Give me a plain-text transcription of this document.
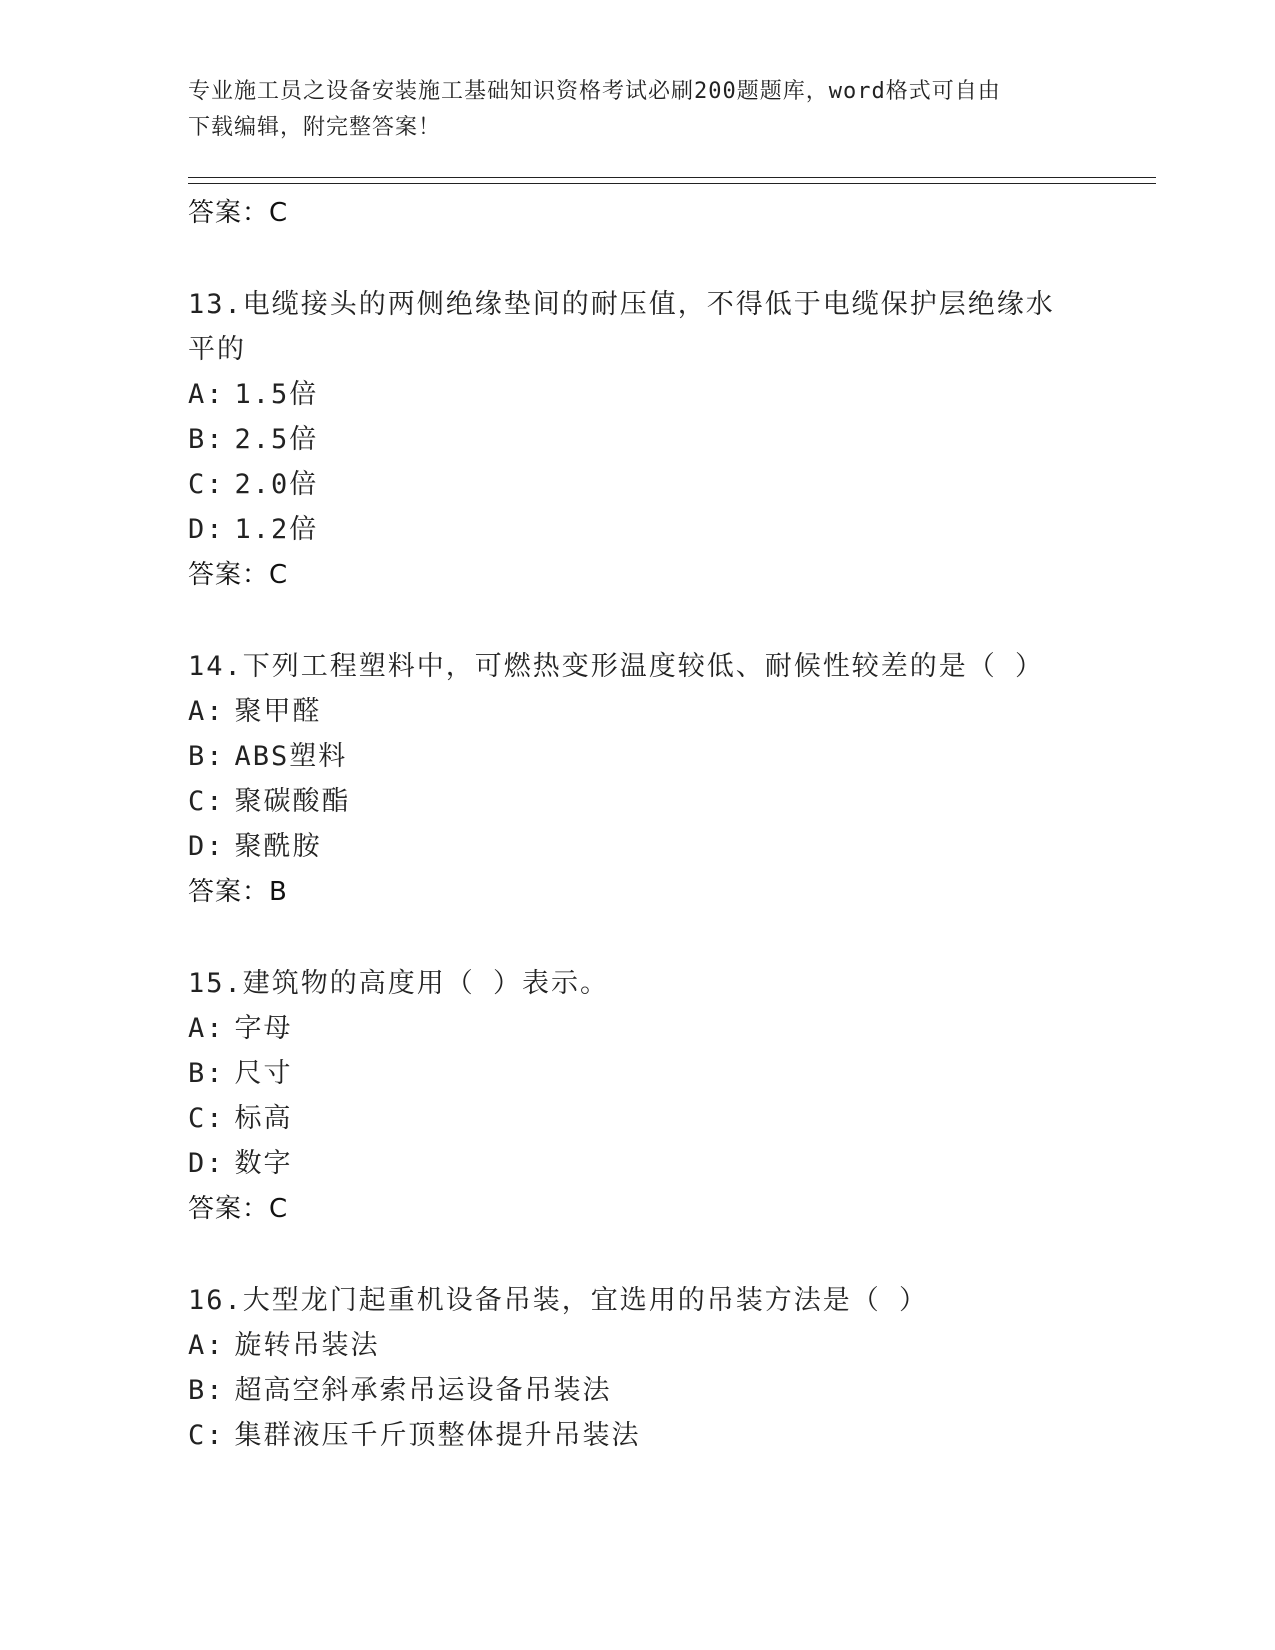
专业施工员之设备安装施工基础知识资格考试必刷200题题库，word格式可自由
下载编辑，附完整答案！
答案：C
13.电缆接头的两侧绝缘垫间的耐压值，不得低于电缆保护层绝缘水平的
A: 1.5倍
B: 2.5倍
C: 2.0倍
D: 1.2倍
答案：C
14.下列工程塑料中，可燃热变形温度较低、耐候性较差的是（ ）
A: 聚甲醛
B: ABS塑料
C: 聚碳酸酯
D: 聚酰胺
答案：B
15.建筑物的高度用（ ）表示。
A: 字母
B: 尺寸
C: 标高
D: 数字
答案：C
16.大型龙门起重机设备吊装，宜选用的吊装方法是（ ）
A: 旋转吊装法
B: 超高空斜承索吊运设备吊装法
C: 集群液压千斤顶整体提升吊装法
